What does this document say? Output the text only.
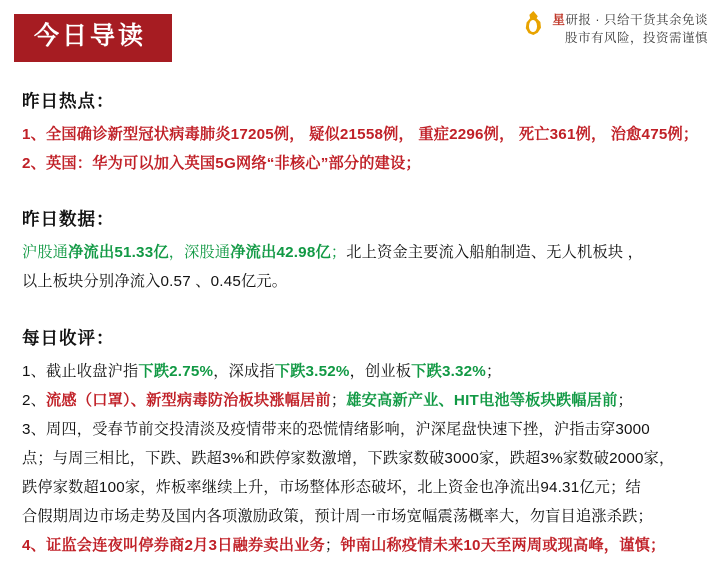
今日导读
星研报 · 只给干货其余免谈
股市有风险，投资需谨慎
昨日热点：

1、全国确诊新型冠状病毒肺炎17205例， 疑似21558例， 重症2296例， 死亡361例， 治愈475例；

2、英国：华为可以加入英国5G网络“非核心”部分的建设；

昨日数据：

沪股通净流出51.33亿，深股通净流出42.98亿；北上资金主要流入船舶制造、无人机板块 ，

以上板块分别净流入0.57 、0.45亿元。

每日收评：

1、截止收盘沪指下跌2.75%，深成指下跌3.52%，创业板下跌3.32%；

2、流感（口罩）、新型病毒防治板块涨幅居前；雄安高新产业、HIT电池等板块跌幅居前；

3、周四，受春节前交投清淡及疫情带来的恐慌情绪影响，沪深尾盘快速下挫，沪指击穿3000

点；与周三相比，下跌、跌超3%和跌停家数激增，下跌家数破3000家，跌超3%家数破2000家，

跌停家数超100家，炸板率继续上升，市场整体形态破坏，北上资金也净流出94.31亿元；结

合假期周边市场走势及国内各项激励政策，预计周一市场宽幅震荡概率大，勿盲目追涨杀跌；

4、证监会连夜叫停券商2月3日融券卖出业务；钟南山称疫情未来10天至两周或现高峰，谨慎；
